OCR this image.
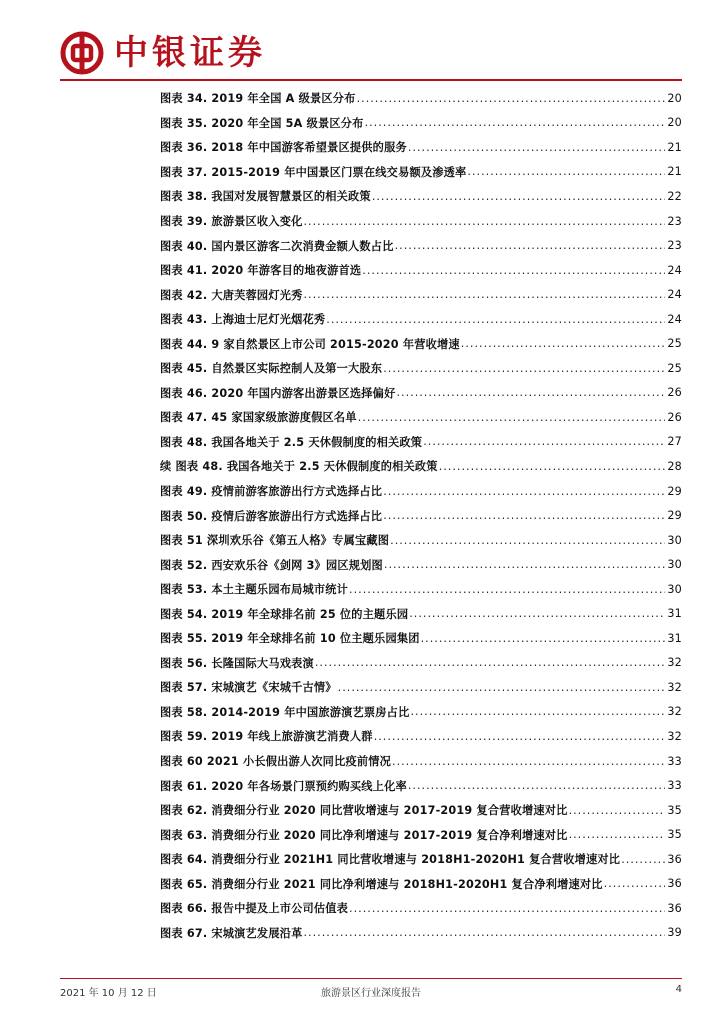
中银证券
图表 34. 2019 年全国 A 级景区分布 .....	20
图表 35. 2020 年全国 5A 级景区分布 .....	20
图表 36. 2018 年中国游客希望景区提供的服务 .....	21
图表 37. 2015-2019 年中国景区门票在线交易额及渗透率 .....	21
图表 38. 我国对发展智慧景区的相关政策 .....	22
图表 39. 旅游景区收入变化 .....	23
图表 40. 国内景区游客二次消费金额人数占比 .....	23
图表 41. 2020 年游客目的地夜游首选 .....	24
图表 42. 大唐芙蓉园灯光秀 .....	24
图表 43. 上海迪士尼灯光烟花秀 .....	24
图表 44. 9 家自然景区上市公司 2015-2020 年营收增速 .....	25
图表 45. 自然景区实际控制人及第一大股东 .....	25
图表 46. 2020 年国内游客出游景区选择偏好 .....	26
图表 47. 45 家国家级旅游度假区名单 .....	26
图表 48. 我国各地关于 2.5 天休假制度的相关政策 .....	27
续 图表 48. 我国各地关于 2.5 天休假制度的相关政策 .....	28
图表 49. 疫情前游客旅游出行方式选择占比 .....	29
图表 50. 疫情后游客旅游出行方式选择占比 .....	29
图表 51 深圳欢乐谷《第五人格》专属宝藏图 .....	30
图表 52. 西安欢乐谷《剑网 3》园区规划图 .....	30
图表 53. 本土主题乐园布局城市统计 .....	30
图表 54. 2019 年全球排名前 25 位的主题乐园 .....	31
图表 55. 2019 年全球排名前 10 位主题乐园集团 .....	31
图表 56. 长隆国际大马戏表演 .....	32
图表 57. 宋城演艺《宋城千古情》 .....	32
图表 58. 2014-2019 年中国旅游演艺票房占比 .....	32
图表 59. 2019 年线上旅游演艺消费人群 .....	32
图表 60 2021 小长假出游人次同比疫前情况 .....	33
图表 61. 2020 年各场景门票预约购买线上化率 .....	33
图表 62. 消费细分行业 2020 同比营收增速与 2017-2019 复合营收增速对比 .....	35
图表 63. 消费细分行业 2020 同比净利增速与 2017-2019 复合净利增速对比 .....	35
图表 64. 消费细分行业 2021H1 同比营收增速与 2018H1-2020H1 复合营收增速对比 .....	36
图表 65. 消费细分行业 2021 同比净利增速与 2018H1-2020H1 复合净利增速对比 .....	36
图表 66. 报告中提及上市公司估值表 .....	36
图表 67. 宋城演艺发展沿革 .....	39
2021 年 10 月 12 日	旅游景区行业深度报告	4
